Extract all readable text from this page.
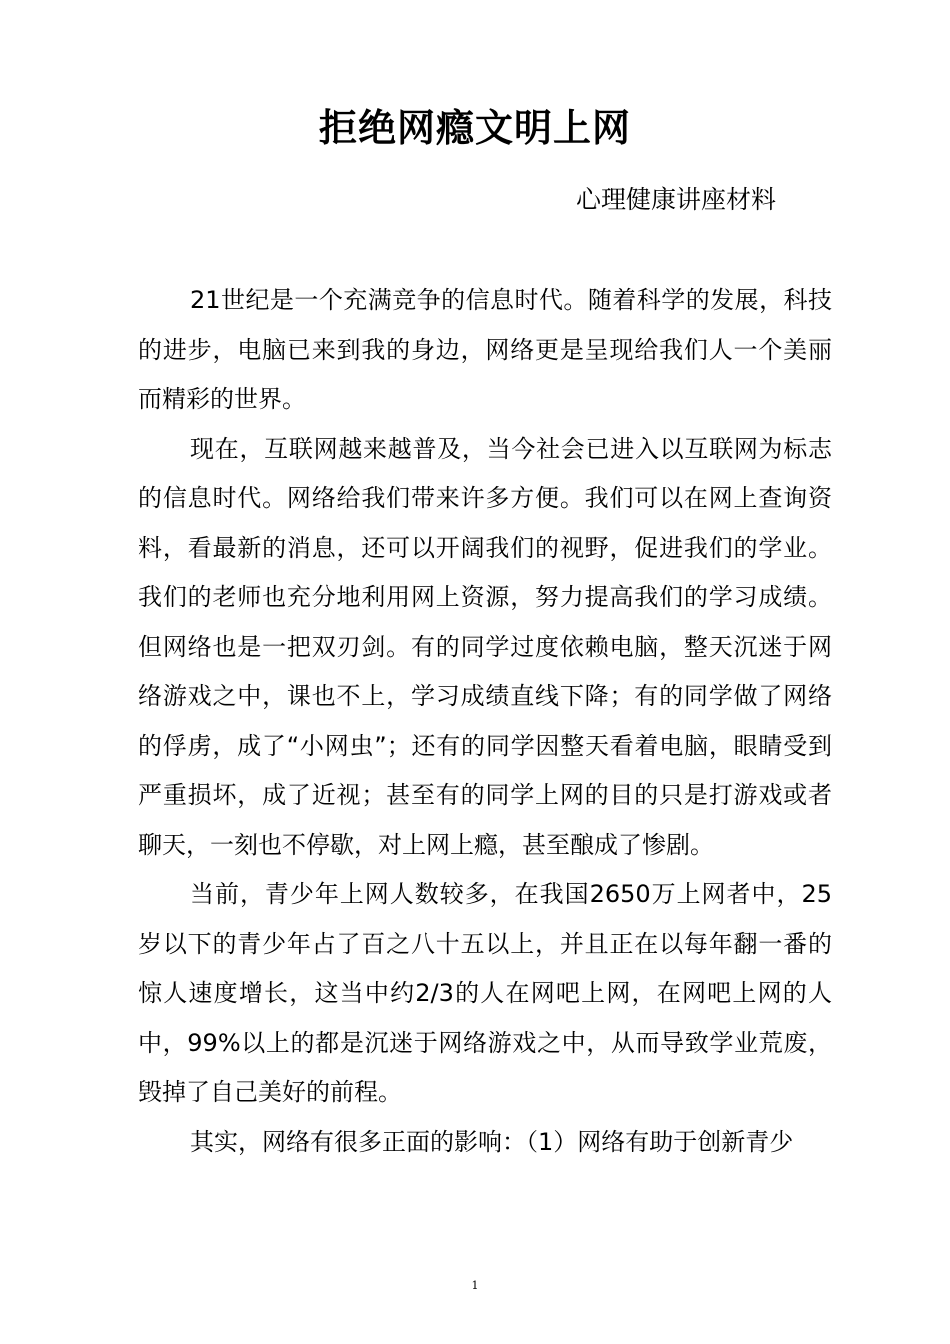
拒绝网瘾文明上网
心理健康讲座材料

21世纪是一个充满竞争的信息时代。随着科学的发展，科技的进步，电脑已来到我的身边，网络更是呈现给我们人一个美丽而精彩的世界。

现在，互联网越来越普及，当今社会已进入以互联网为标志的信息时代。网络给我们带来许多方便。我们可以在网上查询资料，看最新的消息，还可以开阔我们的视野，促进我们的学业。我们的老师也充分地利用网上资源，努力提高我们的学习成绩。但网络也是一把双刃剑。有的同学过度依赖电脑，整天沉迷于网络游戏之中，课也不上，学习成绩直线下降；有的同学做了网络的俘虏，成了“小网虫”；还有的同学因整天看着电脑，眼睛受到严重损坏，成了近视；甚至有的同学上网的目的只是打游戏或者聊天，一刻也不停歇，对上网上瘾，甚至酿成了惨剧。

当前，青少年上网人数较多，在我国2650万上网者中，25岁以下的青少年占了百之八十五以上，并且正在以每年翻一番的惊人速度增长，这当中约2/3的人在网吧上网，在网吧上网的人中，99%以上的都是沉迷于网络游戏之中，从而导致学业荒废，毁掉了自己美好的前程。

其实，网络有很多正面的影响：（1）网络有助于创新青少

1
